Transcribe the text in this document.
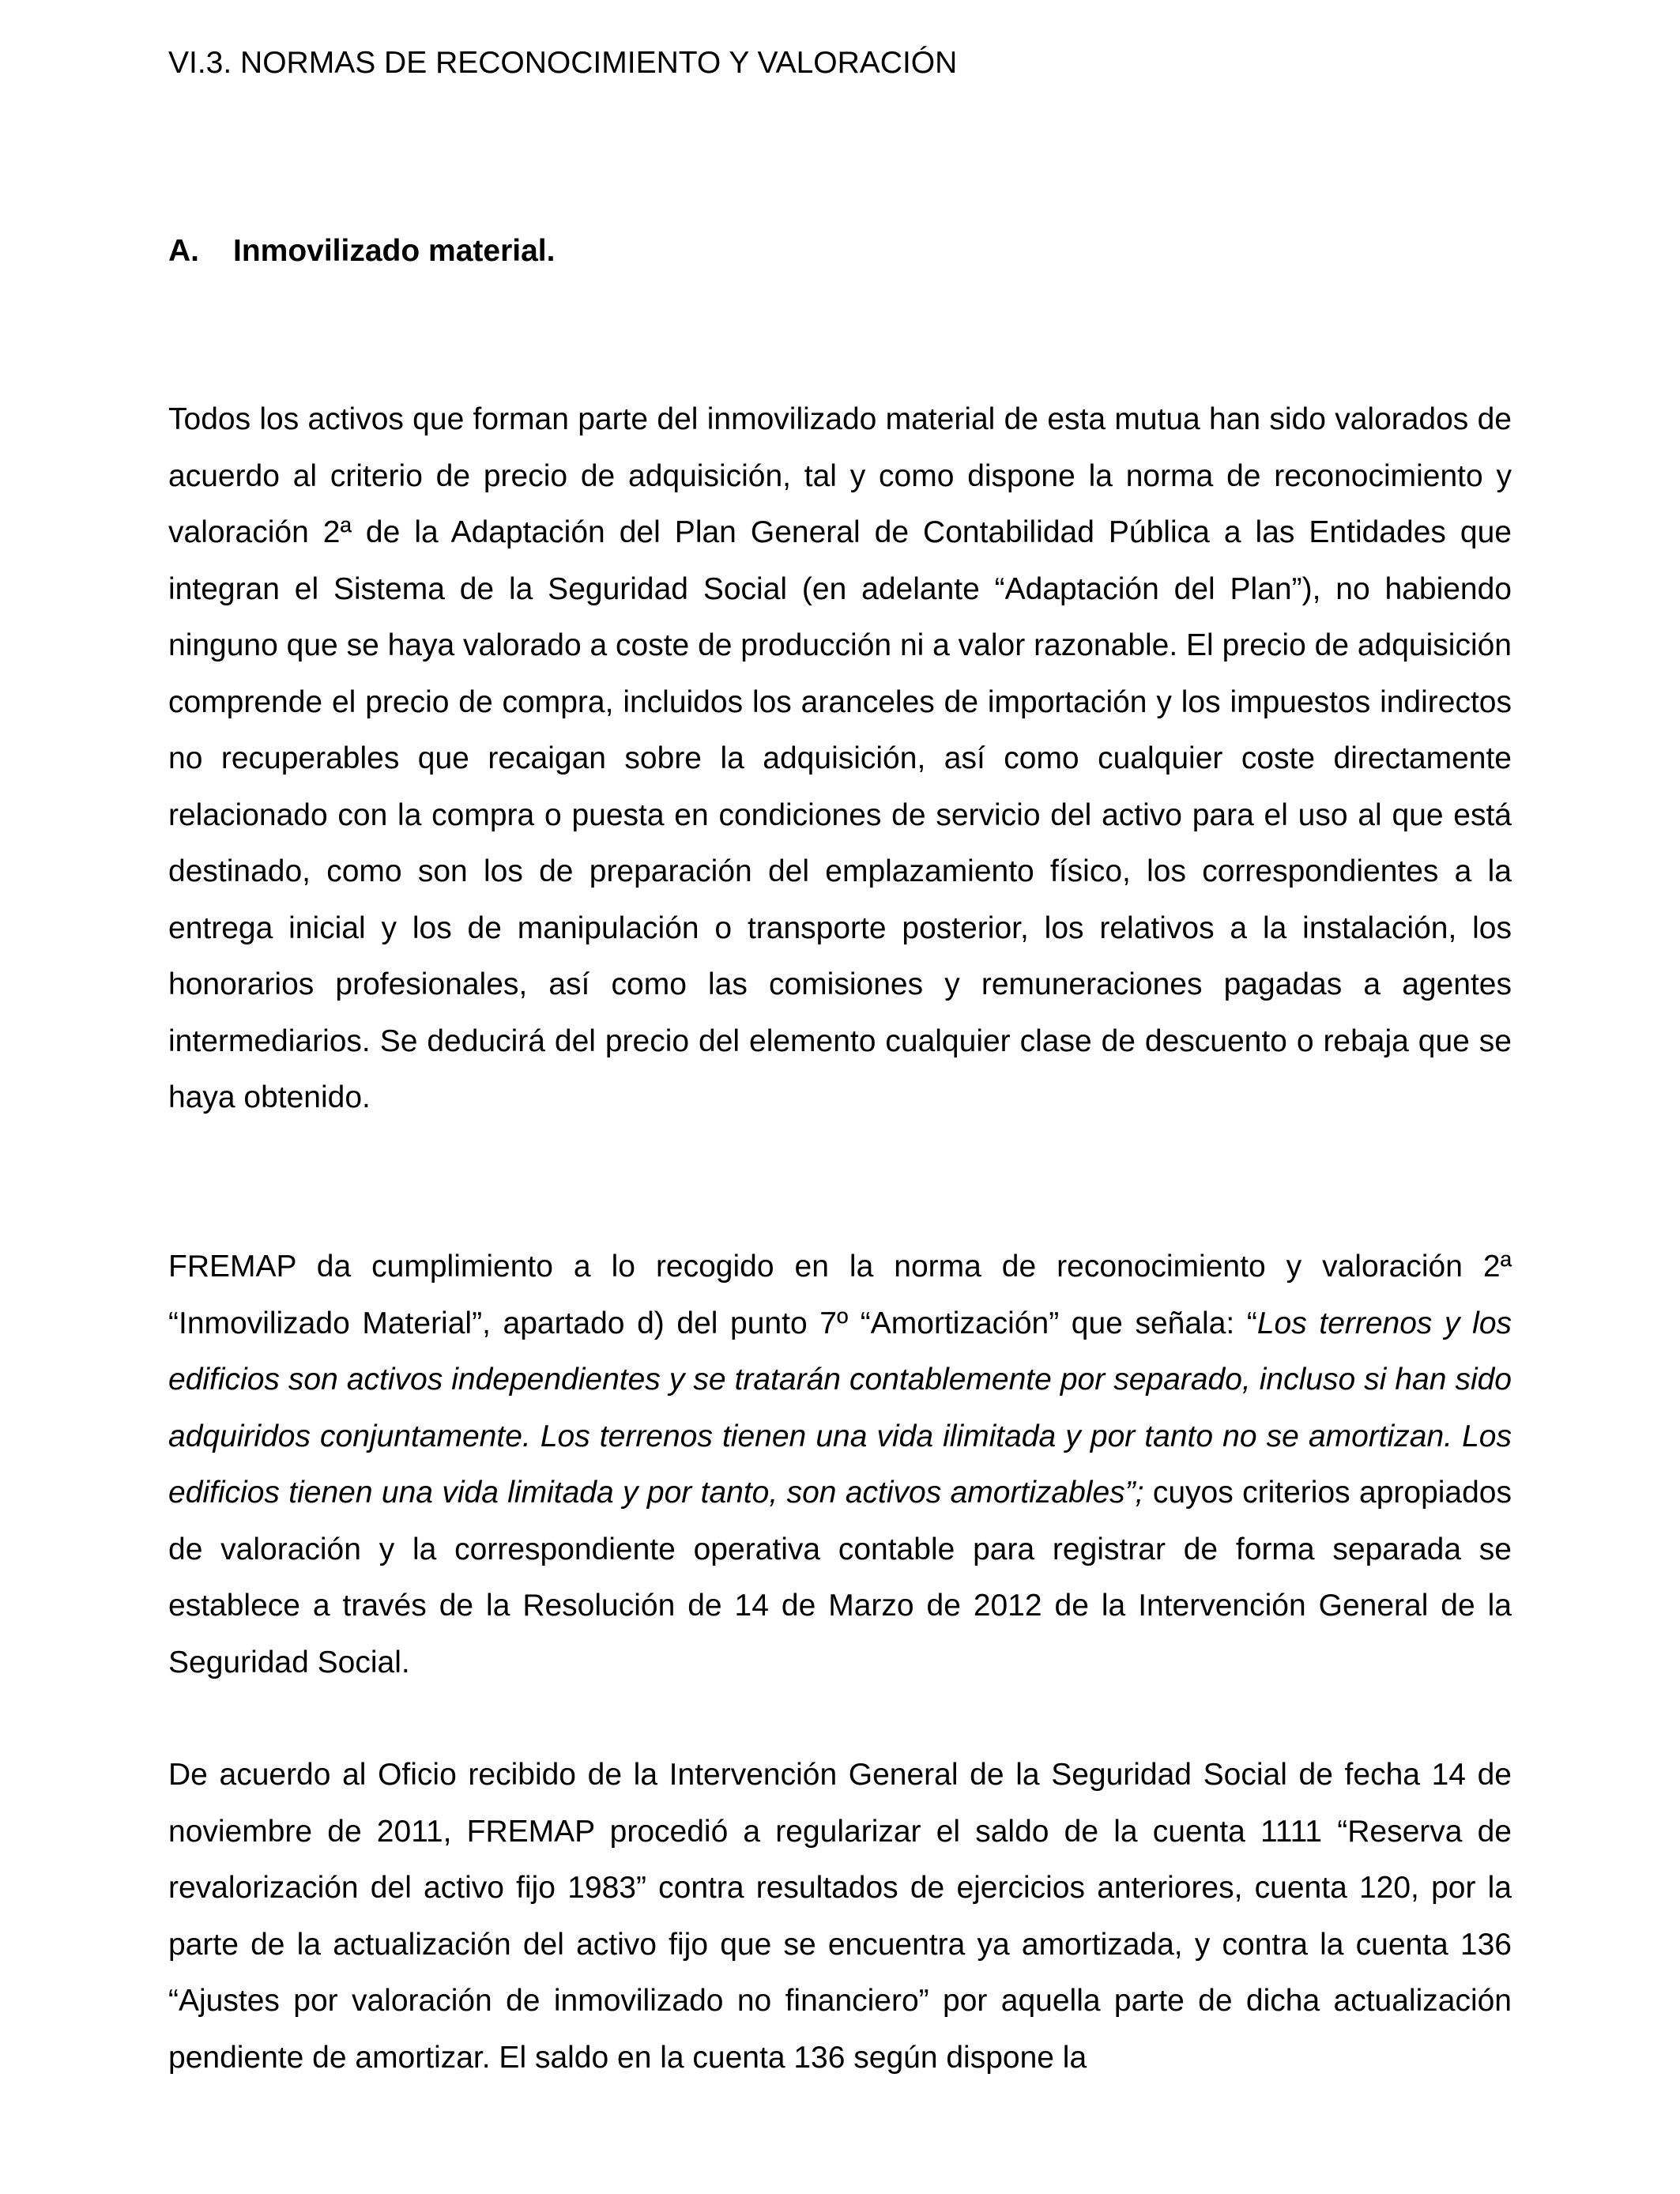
VI.3. NORMAS DE RECONOCIMIENTO Y VALORACIÓN
A. Inmovilizado material.

Todos los activos que forman parte del inmovilizado material de esta mutua han sido valorados de acuerdo al criterio de precio de adquisición, tal y como dispone la norma de reconocimiento y valoración 2ª de la Adaptación del Plan General de Contabilidad Pública a las Entidades que integran el Sistema de la Seguridad Social (en adelante “Adaptación del Plan”), no habiendo ninguno que se haya valorado a coste de producción ni a valor razonable. El precio de adquisición comprende el precio de compra, incluidos los aranceles de importación y los impuestos indirectos no recuperables que recaigan sobre la adquisición, así como cualquier coste directamente relacionado con la compra o puesta en condiciones de servicio del activo para el uso al que está destinado, como son los de preparación del emplazamiento físico, los correspondientes a la entrega inicial y los de manipulación o transporte posterior, los relativos a la instalación, los honorarios profesionales, así como las comisiones y remuneraciones pagadas a agentes intermediarios. Se deducirá del precio del elemento cualquier clase de descuento o rebaja que se haya obtenido.

FREMAP da cumplimiento a lo recogido en la norma de reconocimiento y valoración 2ª “Inmovilizado Material”, apartado d) del punto 7º “Amortización” que señala: “Los terrenos y los edificios son activos independientes y se tratarán contablemente por separado, incluso si han sido adquiridos conjuntamente. Los terrenos tienen una vida ilimitada y por tanto no se amortizan. Los edificios tienen una vida limitada y por tanto, son activos amortizables”; cuyos criterios apropiados de valoración y la correspondiente operativa contable para registrar de forma separada se establece a través de la Resolución de 14 de Marzo de 2012 de la Intervención General de la Seguridad Social.

De acuerdo al Oficio recibido de la Intervención General de la Seguridad Social de fecha 14 de noviembre de 2011, FREMAP procedió a regularizar el saldo de la cuenta 1111 “Reserva de revalorización del activo fijo 1983” contra resultados de ejercicios anteriores, cuenta 120, por la parte de la actualización del activo fijo que se encuentra ya amortizada, y contra la cuenta 136 “Ajustes por valoración de inmovilizado no financiero” por aquella parte de dicha actualización pendiente de amortizar. El saldo en la cuenta 136 según dispone la
